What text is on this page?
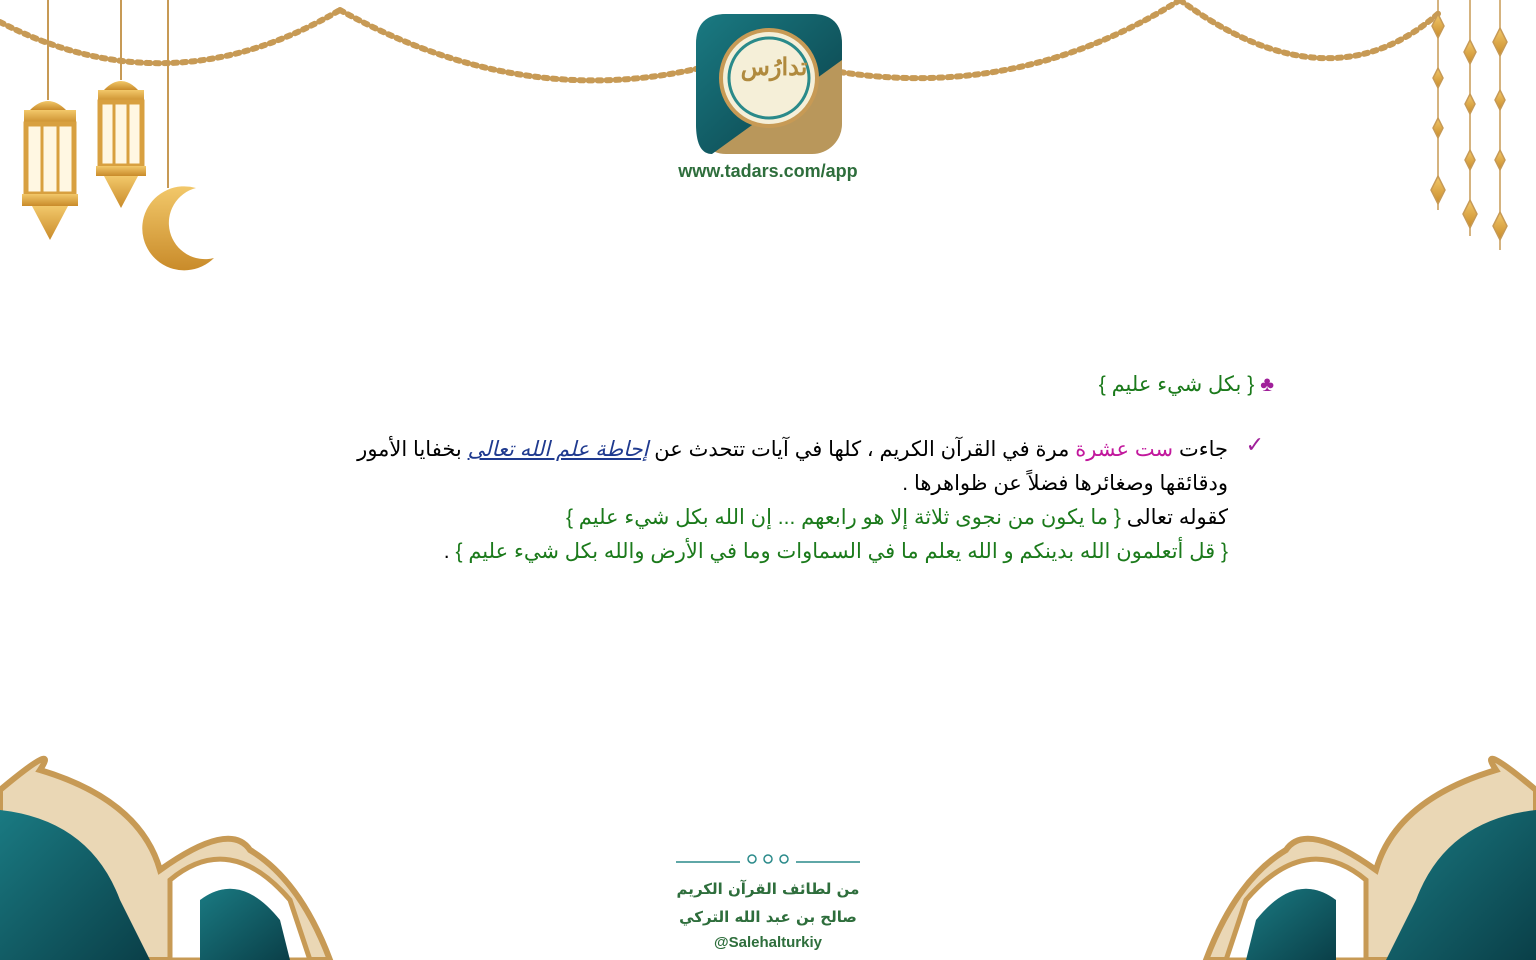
تدارُس
www.tadars.com/app
♣{ بكل شيء عليم }
✓
جاءت ست عشرة مرة في القرآن الكريم ، كلها في آيات تتحدث عن إحاطة علم الله تعالى بخفايا الأمور
ودقائقها وصغائرها فضلاً عن ظواهرها .
كقوله تعالى { ما يكون من نجوى ثلاثة إلا هو رابعهم ... إن الله بكل شيء عليم }
{ قل أتعلمون الله بدينكم و الله يعلم ما في السماوات وما في الأرض والله بكل شيء عليم } .
من لطائف القرآن الكريم
صالح بن عبد الله التركي
@Salehalturkiy
